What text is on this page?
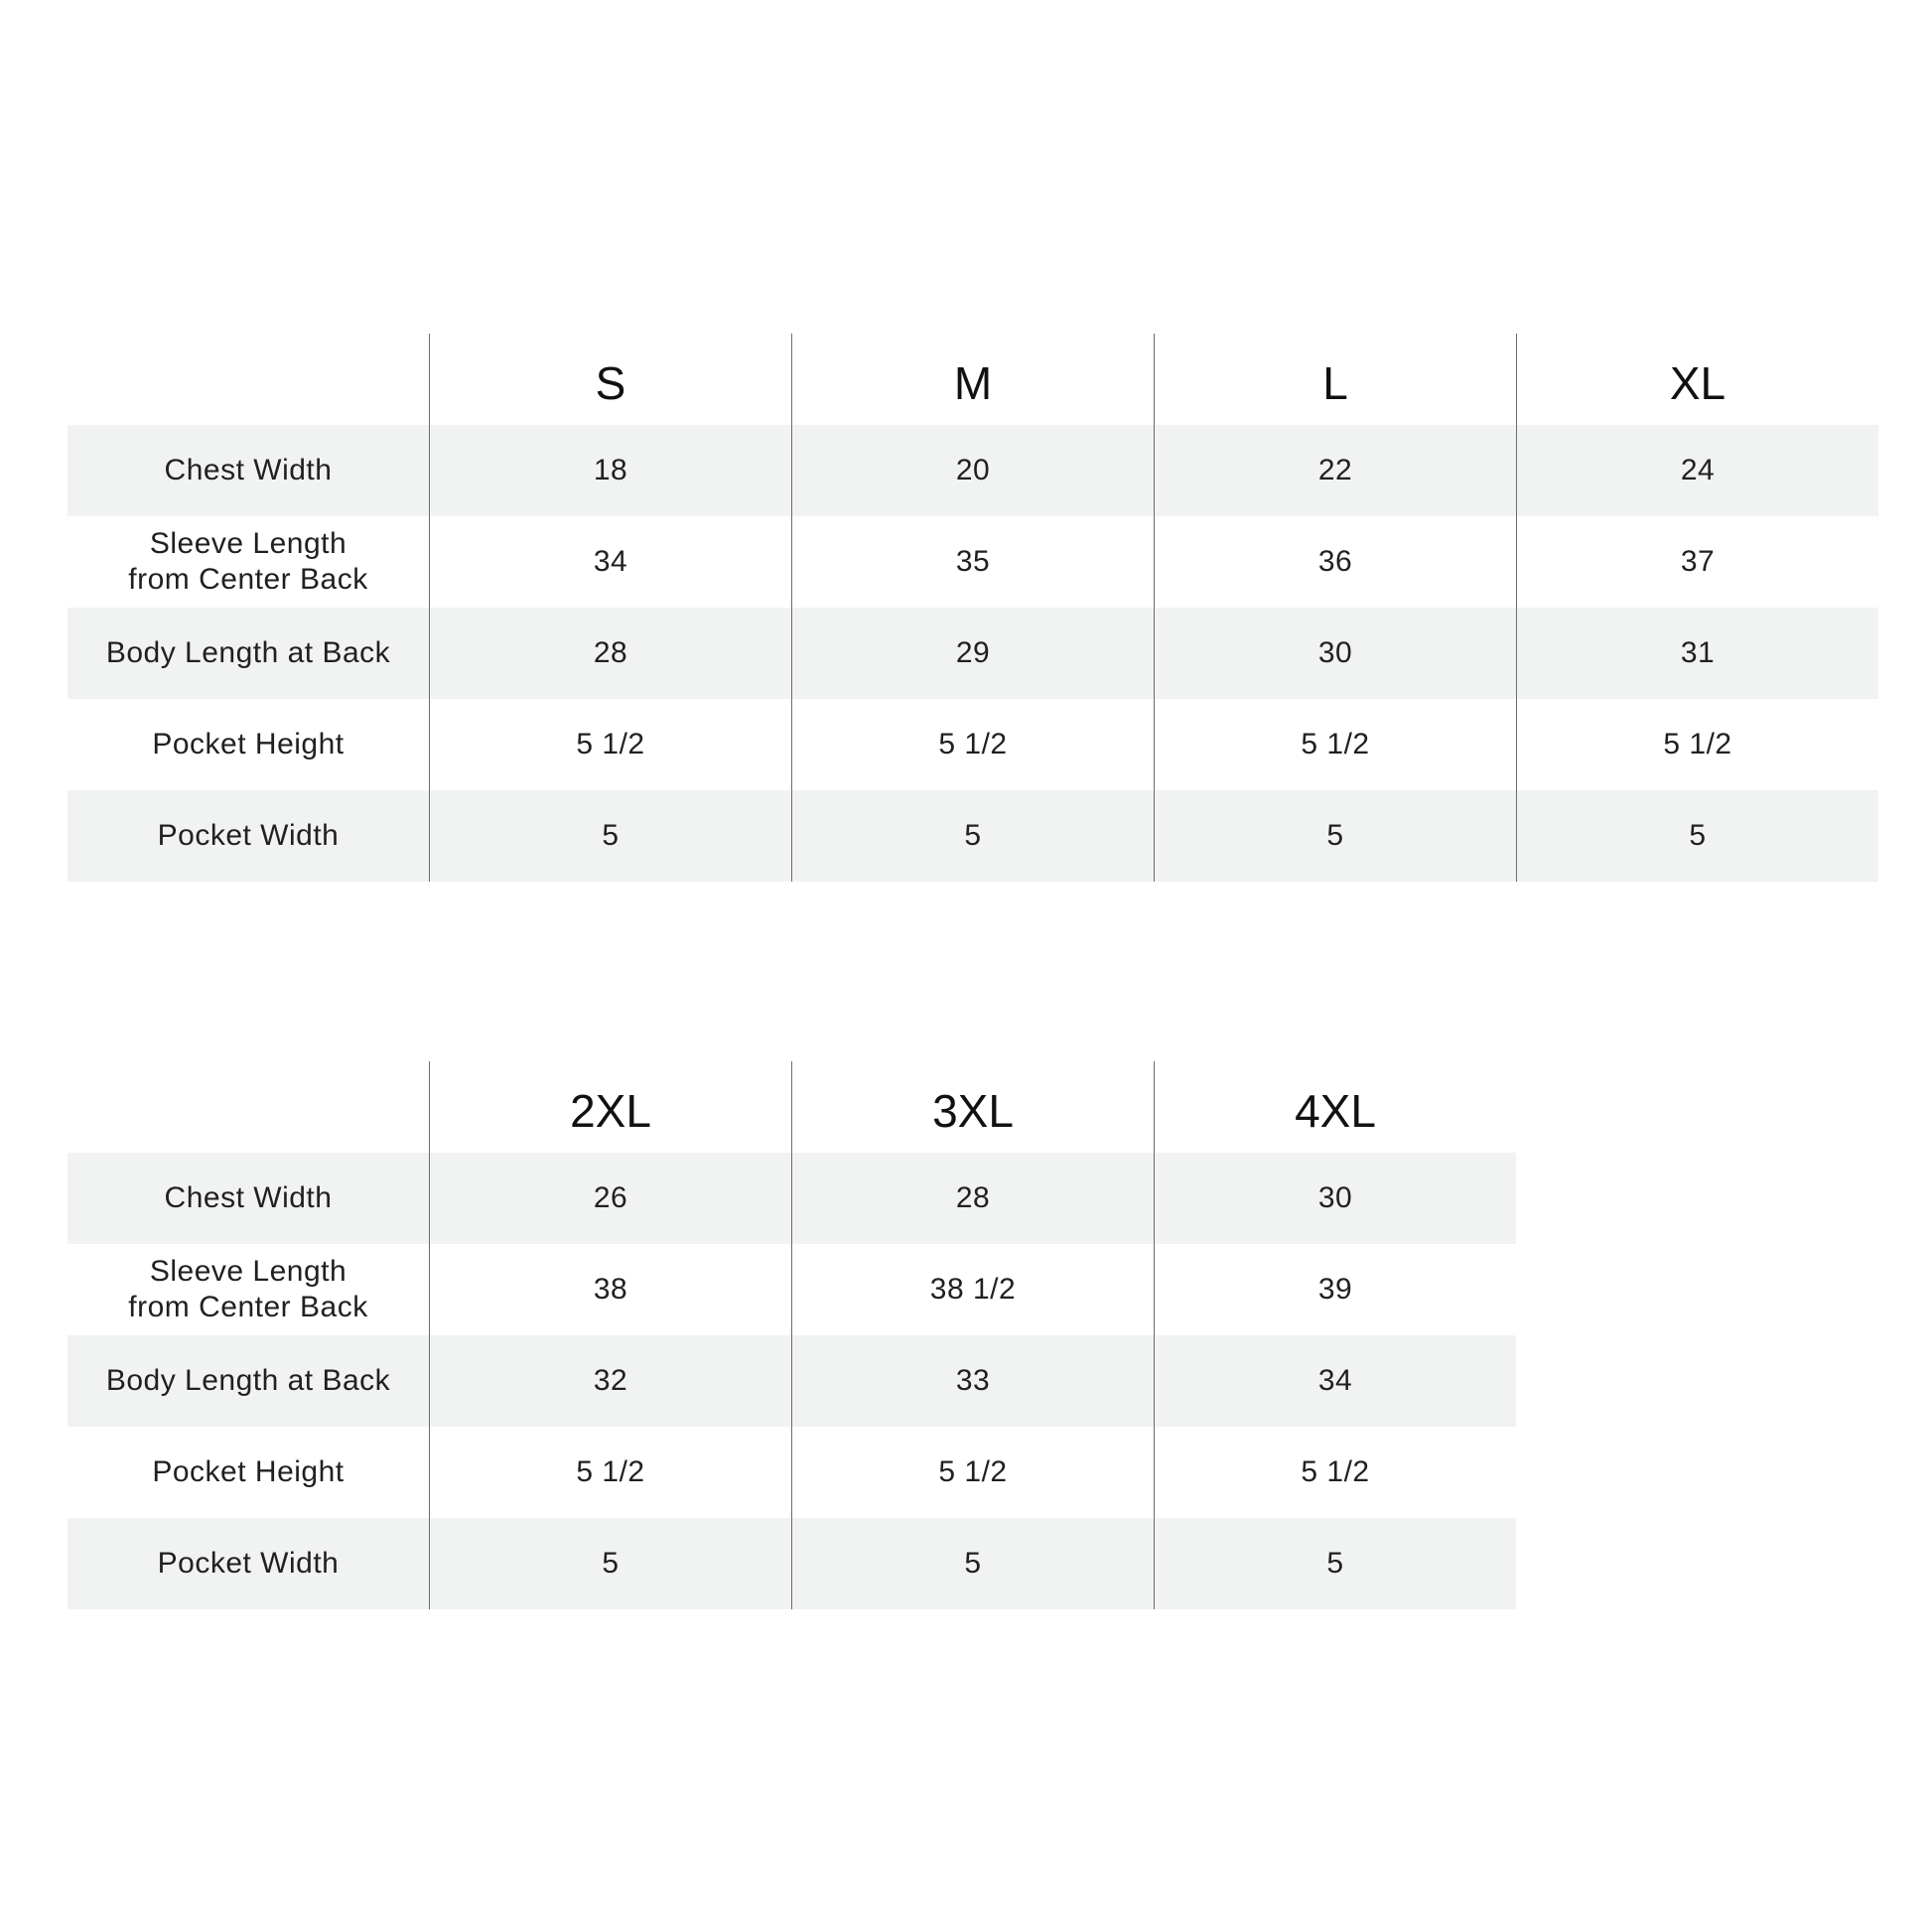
	S	M	L	XL

Chest Width	18	20	22	24

Sleeve Length
from Center Back	34	35	36	37

Body Length at Back	28	29	30	31

Pocket Height	5 1/2	5 1/2	5 1/2	5 1/2

Pocket Width	5	5	5	5
	2XL	3XL	4XL

Chest Width	26	28	30

Sleeve Length
from Center Back	38	38 1/2	39

Body Length at Back	32	33	34

Pocket Height	5 1/2	5 1/2	5 1/2

Pocket Width	5	5	5
